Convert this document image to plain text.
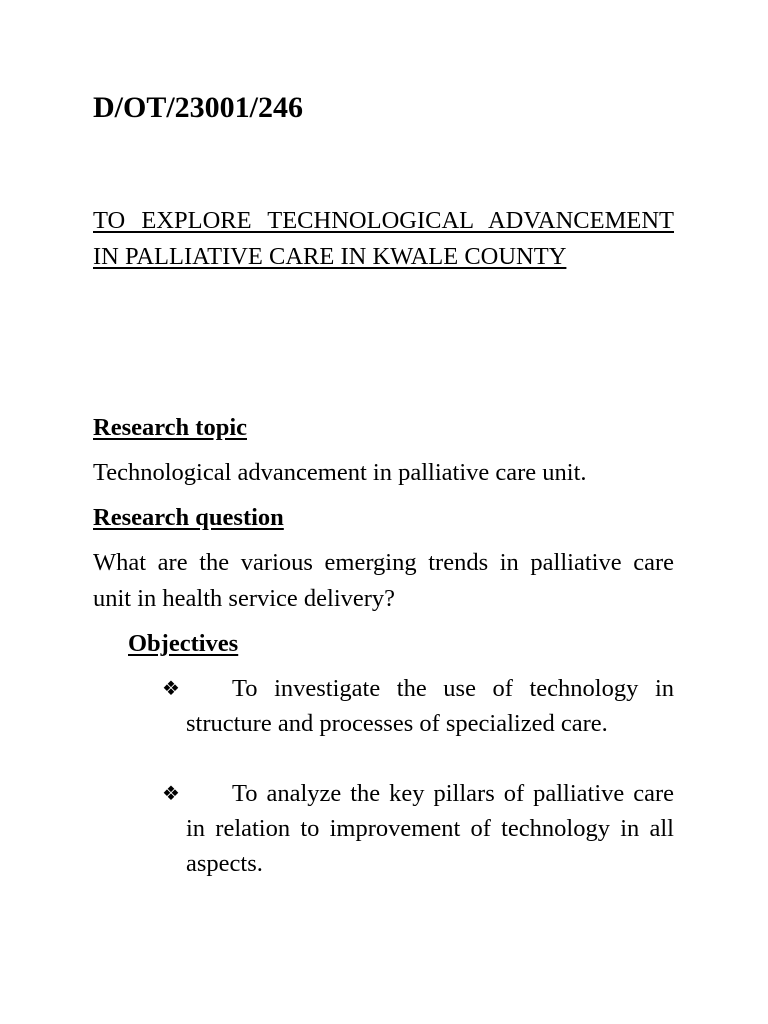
D/OT/23001/246

TO EXPLORE TECHNOLOGICAL ADVANCEMENT IN PALLIATIVE CARE IN KWALE COUNTY

Research topic

Technological advancement in palliative care unit.

Research question

What are the various emerging trends in palliative care unit in health service delivery?

Objectives
❖ To investigate the use of technology in structure and processes of specialized care.
❖ To analyze the key pillars of palliative care in relation to improvement of technology in all aspects.
